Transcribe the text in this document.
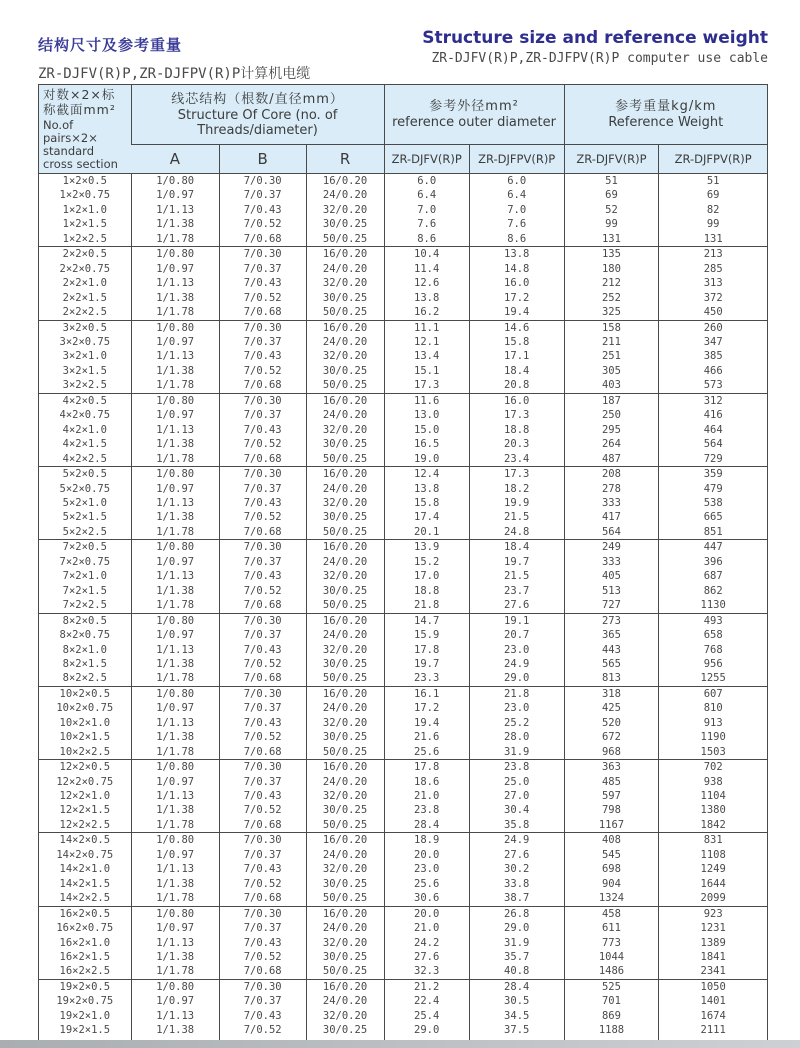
结构尺寸及参考重量
ZR-DJFV(R)P,ZR-DJFPV(R)P计算机电缆
Structure size and reference weight
ZR-DJFV(R)P,ZR-DJFPV(R)P computer use cable
对数×2×标称截面mm²
No.of pairs×2× standard cross section

线芯结构（根数/直径mm）
Structure Of Core (no. of Threads/diameter)

参考外径mm²
reference outer diameter

参考重量kg/km
Reference Weight

	A	B	R	ZR-DJFV(R)P	ZR-DJFPV(R)P	ZR-DJFV(R)P	ZR-DJFPV(R)P
1×2×0.5	1/0.80	7/0.30	16/0.20	6.0	6.0	51	51
1×2×0.75	1/0.97	7/0.37	24/0.20	6.4	6.4	69	69
1×2×1.0	1/1.13	7/0.43	32/0.20	7.0	7.0	52	82
1×2×1.5	1/1.38	7/0.52	30/0.25	7.6	7.6	99	99
1×2×2.5	1/1.78	7/0.68	50/0.25	8.6	8.6	131	131
2×2×0.5	1/0.80	7/0.30	16/0.20	10.4	13.8	135	213
2×2×0.75	1/0.97	7/0.37	24/0.20	11.4	14.8	180	285
2×2×1.0	1/1.13	7/0.43	32/0.20	12.6	16.0	212	313
2×2×1.5	1/1.38	7/0.52	30/0.25	13.8	17.2	252	372
2×2×2.5	1/1.78	7/0.68	50/0.25	16.2	19.4	325	450
3×2×0.5	1/0.80	7/0.30	16/0.20	11.1	14.6	158	260
3×2×0.75	1/0.97	7/0.37	24/0.20	12.1	15.8	211	347
3×2×1.0	1/1.13	7/0.43	32/0.20	13.4	17.1	251	385
3×2×1.5	1/1.38	7/0.52	30/0.25	15.1	18.4	305	466
3×2×2.5	1/1.78	7/0.68	50/0.25	17.3	20.8	403	573
4×2×0.5	1/0.80	7/0.30	16/0.20	11.6	16.0	187	312
4×2×0.75	1/0.97	7/0.37	24/0.20	13.0	17.3	250	416
4×2×1.0	1/1.13	7/0.43	32/0.20	15.0	18.8	295	464
4×2×1.5	1/1.38	7/0.52	30/0.25	16.5	20.3	264	564
4×2×2.5	1/1.78	7/0.68	50/0.25	19.0	23.4	487	729
5×2×0.5	1/0.80	7/0.30	16/0.20	12.4	17.3	208	359
5×2×0.75	1/0.97	7/0.37	24/0.20	13.8	18.2	278	479
5×2×1.0	1/1.13	7/0.43	32/0.20	15.8	19.9	333	538
5×2×1.5	1/1.38	7/0.52	30/0.25	17.4	21.5	417	665
5×2×2.5	1/1.78	7/0.68	50/0.25	20.1	24.8	564	851
7×2×0.5	1/0.80	7/0.30	16/0.20	13.9	18.4	249	447
7×2×0.75	1/0.97	7/0.37	24/0.20	15.2	19.7	333	396
7×2×1.0	1/1.13	7/0.43	32/0.20	17.0	21.5	405	687
7×2×1.5	1/1.38	7/0.52	30/0.25	18.8	23.7	513	862
7×2×2.5	1/1.78	7/0.68	50/0.25	21.8	27.6	727	1130
8×2×0.5	1/0.80	7/0.30	16/0.20	14.7	19.1	273	493
8×2×0.75	1/0.97	7/0.37	24/0.20	15.9	20.7	365	658
8×2×1.0	1/1.13	7/0.43	32/0.20	17.8	23.0	443	768
8×2×1.5	1/1.38	7/0.52	30/0.25	19.7	24.9	565	956
8×2×2.5	1/1.78	7/0.68	50/0.25	23.3	29.0	813	1255
10×2×0.5	1/0.80	7/0.30	16/0.20	16.1	21.8	318	607
10×2×0.75	1/0.97	7/0.37	24/0.20	17.2	23.0	425	810
10×2×1.0	1/1.13	7/0.43	32/0.20	19.4	25.2	520	913
10×2×1.5	1/1.38	7/0.52	30/0.25	21.6	28.0	672	1190
10×2×2.5	1/1.78	7/0.68	50/0.25	25.6	31.9	968	1503
12×2×0.5	1/0.80	7/0.30	16/0.20	17.8	23.8	363	702
12×2×0.75	1/0.97	7/0.37	24/0.20	18.6	25.0	485	938
12×2×1.0	1/1.13	7/0.43	32/0.20	21.0	27.0	597	1104
12×2×1.5	1/1.38	7/0.52	30/0.25	23.8	30.4	798	1380
12×2×2.5	1/1.78	7/0.68	50/0.25	28.4	35.8	1167	1842
14×2×0.5	1/0.80	7/0.30	16/0.20	18.9	24.9	408	831
14×2×0.75	1/0.97	7/0.37	24/0.20	20.0	27.6	545	1108
14×2×1.0	1/1.13	7/0.43	32/0.20	23.0	30.2	698	1249
14×2×1.5	1/1.38	7/0.52	30/0.25	25.6	33.8	904	1644
14×2×2.5	1/1.78	7/0.68	50/0.25	30.6	38.7	1324	2099
16×2×0.5	1/0.80	7/0.30	16/0.20	20.0	26.8	458	923
16×2×0.75	1/0.97	7/0.37	24/0.20	21.0	29.0	611	1231
16×2×1.0	1/1.13	7/0.43	32/0.20	24.2	31.9	773	1389
16×2×1.5	1/1.38	7/0.52	30/0.25	27.6	35.7	1044	1841
16×2×2.5	1/1.78	7/0.68	50/0.25	32.3	40.8	1486	2341
19×2×0.5	1/0.80	7/0.30	16/0.20	21.2	28.4	525	1050
19×2×0.75	1/0.97	7/0.37	24/0.20	22.4	30.5	701	1401
19×2×1.0	1/1.13	7/0.43	32/0.20	25.4	34.5	869	1674
19×2×1.5	1/1.38	7/0.52	30/0.25	29.0	37.5	1188	2111
